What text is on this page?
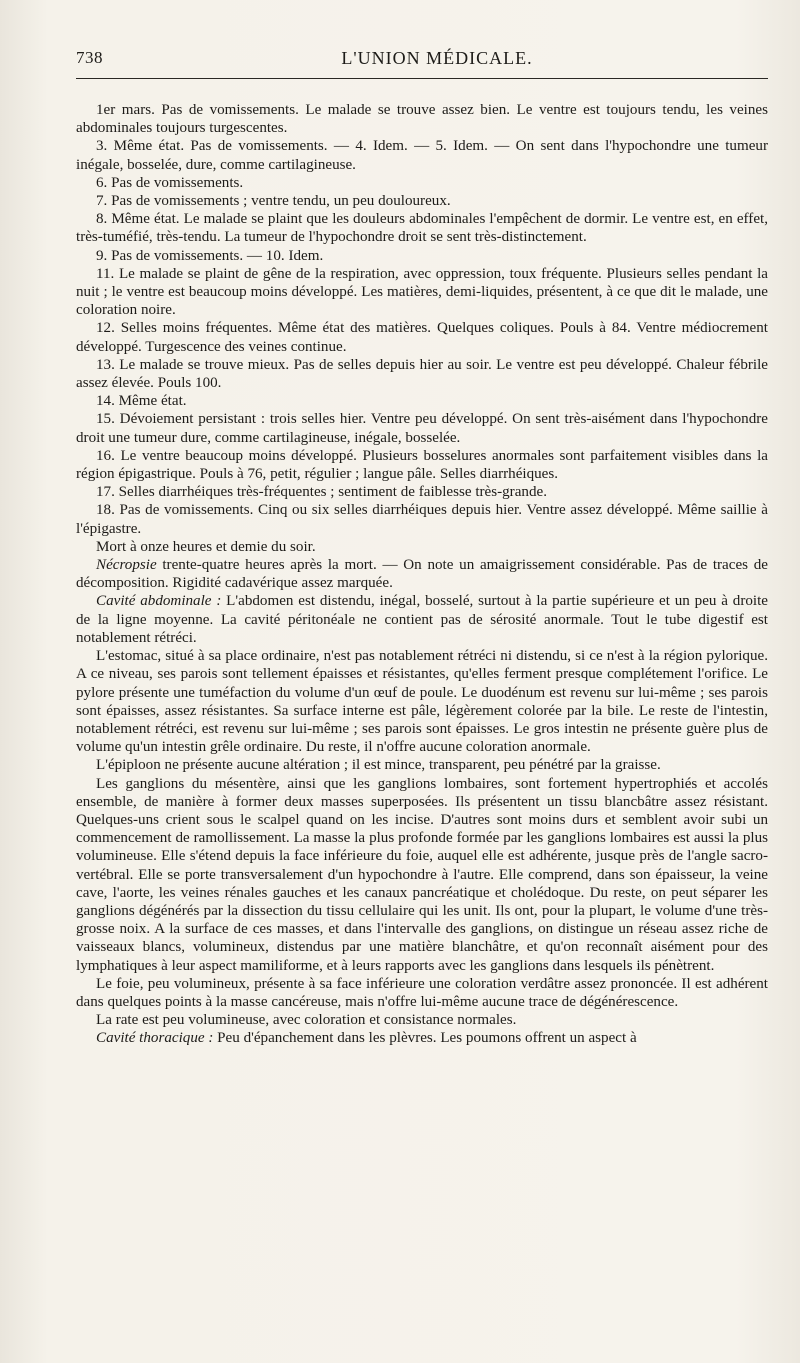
738	L'UNION MÉDICALE.

1er mars. Pas de vomissements. Le malade se trouve assez bien. Le ventre est toujours tendu, les veines abdominales toujours turgescentes.

3. Même état. Pas de vomissements. — 4. Idem. — 5. Idem. — On sent dans l'hypochondre une tumeur inégale, bosselée, dure, comme cartilagineuse.

6. Pas de vomissements.

7. Pas de vomissements ; ventre tendu, un peu douloureux.

8. Même état. Le malade se plaint que les douleurs abdominales l'empêchent de dormir. Le ventre est, en effet, très-tuméfié, très-tendu. La tumeur de l'hypochondre droit se sent très-distinctement.

9. Pas de vomissements. — 10. Idem.

11. Le malade se plaint de gêne de la respiration, avec oppression, toux fréquente. Plusieurs selles pendant la nuit ; le ventre est beaucoup moins développé. Les matières, demi-liquides, présentent, à ce que dit le malade, une coloration noire.

12. Selles moins fréquentes. Même état des matières. Quelques coliques. Pouls à 84. Ventre médiocrement développé. Turgescence des veines continue.

13. Le malade se trouve mieux. Pas de selles depuis hier au soir. Le ventre est peu développé. Chaleur fébrile assez élevée. Pouls 100.

14. Même état.

15. Dévoiement persistant : trois selles hier. Ventre peu développé. On sent très-aisément dans l'hypochondre droit une tumeur dure, comme cartilagineuse, inégale, bosselée.

16. Le ventre beaucoup moins développé. Plusieurs bosselures anormales sont parfaitement visibles dans la région épigastrique. Pouls à 76, petit, régulier ; langue pâle. Selles diarrhéiques.

17. Selles diarrhéiques très-fréquentes ; sentiment de faiblesse très-grande.

18. Pas de vomissements. Cinq ou six selles diarrhéiques depuis hier. Ventre assez développé. Même saillie à l'épigastre.

Mort à onze heures et demie du soir.

Nécropsie trente-quatre heures après la mort. — On note un amaigrissement considérable. Pas de traces de décomposition. Rigidité cadavérique assez marquée.

Cavité abdominale : L'abdomen est distendu, inégal, bosselé, surtout à la partie supérieure et un peu à droite de la ligne moyenne. La cavité péritonéale ne contient pas de sérosité anormale. Tout le tube digestif est notablement rétréci.

L'estomac, situé à sa place ordinaire, n'est pas notablement rétréci ni distendu, si ce n'est à la région pylorique. A ce niveau, ses parois sont tellement épaisses et résistantes, qu'elles ferment presque complétement l'orifice. Le pylore présente une tuméfaction du volume d'un œuf de poule. Le duodénum est revenu sur lui-même ; ses parois sont épaisses, assez résistantes. Sa surface interne est pâle, légèrement colorée par la bile. Le reste de l'intestin, notablement rétréci, est revenu sur lui-même ; ses parois sont épaisses. Le gros intestin ne présente guère plus de volume qu'un intestin grêle ordinaire. Du reste, il n'offre aucune coloration anormale.

L'épiploon ne présente aucune altération ; il est mince, transparent, peu pénétré par la graisse.

Les ganglions du mésentère, ainsi que les ganglions lombaires, sont fortement hypertrophiés et accolés ensemble, de manière à former deux masses superposées. Ils présentent un tissu blancbâtre assez résistant. Quelques-uns crient sous le scalpel quand on les incise. D'autres sont moins durs et semblent avoir subi un commencement de ramollissement. La masse la plus profonde formée par les ganglions lombaires est aussi la plus volumineuse. Elle s'étend depuis la face inférieure du foie, auquel elle est adhérente, jusque près de l'angle sacro-vertébral. Elle se porte transversalement d'un hypochondre à l'autre. Elle comprend, dans son épaisseur, la veine cave, l'aorte, les veines rénales gauches et les canaux pancréatique et cholédoque. Du reste, on peut séparer les ganglions dégénérés par la dissection du tissu cellulaire qui les unit. Ils ont, pour la plupart, le volume d'une très-grosse noix. A la surface de ces masses, et dans l'intervalle des ganglions, on distingue un réseau assez riche de vaisseaux blancs, volumineux, distendus par une matière blanchâtre, et qu'on reconnaît aisément pour des lymphatiques à leur aspect mamiliforme, et à leurs rapports avec les ganglions dans lesquels ils pénètrent.

Le foie, peu volumineux, présente à sa face inférieure une coloration verdâtre assez prononcée. Il est adhérent dans quelques points à la masse cancéreuse, mais n'offre lui-même aucune trace de dégénérescence.

La rate est peu volumineuse, avec coloration et consistance normales.

Cavité thoracique : Peu d'épanchement dans les plèvres. Les poumons offrent un aspect à
